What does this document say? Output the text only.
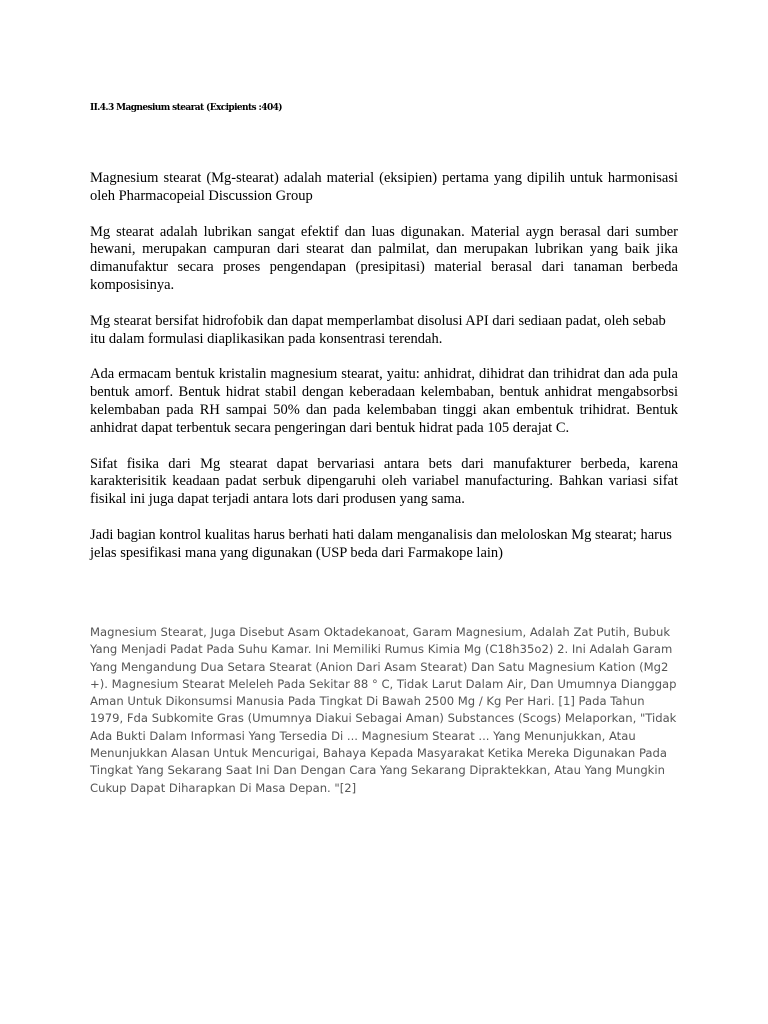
II.4.3 Magnesium stearat (Excipients :404)

Magnesium stearat (Mg-stearat) adalah material (eksipien) pertama yang dipilih untuk harmonisasi oleh Pharmacopeial Discussion Group

Mg stearat adalah lubrikan sangat efektif dan luas digunakan. Material aygn berasal dari sumber hewani, merupakan campuran dari stearat dan palmilat, dan merupakan lubrikan yang baik jika dimanufaktur secara proses pengendapan (presipitasi) material berasal dari tanaman berbeda komposisinya.

Mg stearat bersifat hidrofobik dan dapat memperlambat disolusi API dari sediaan padat, oleh sebab itu dalam formulasi diaplikasikan pada konsentrasi terendah.

Ada ermacam bentuk kristalin magnesium stearat, yaitu: anhidrat, dihidrat dan trihidrat dan ada pula bentuk amorf. Bentuk hidrat stabil dengan keberadaan kelembaban, bentuk anhidrat mengabsorbsi kelembaban pada RH sampai 50% dan pada kelembaban tinggi akan embentuk trihidrat. Bentuk anhidrat dapat terbentuk secara pengeringan dari bentuk hidrat pada 105 derajat C.

Sifat fisika dari Mg stearat dapat bervariasi antara bets dari manufakturer berbeda, karena karakterisitik keadaan padat serbuk dipengaruhi oleh variabel manufacturing. Bahkan variasi sifat fisikal ini juga dapat terjadi antara lots dari produsen yang sama.

Jadi bagian kontrol kualitas harus berhati hati dalam menganalisis dan meloloskan Mg stearat; harus jelas spesifikasi mana yang digunakan (USP beda dari Farmakope lain)

Magnesium Stearat, Juga Disebut Asam Oktadekanoat, Garam Magnesium, Adalah Zat Putih, Bubuk Yang Menjadi Padat Pada Suhu Kamar. Ini Memiliki Rumus Kimia Mg (C18h35o2) 2. Ini Adalah Garam Yang Mengandung Dua Setara Stearat (Anion Dari Asam Stearat) Dan Satu Magnesium Kation (Mg2 +). Magnesium Stearat Meleleh Pada Sekitar 88 ° C, Tidak Larut Dalam Air, Dan Umumnya Dianggap Aman Untuk Dikonsumsi Manusia Pada Tingkat Di Bawah 2500 Mg / Kg Per Hari. [1] Pada Tahun 1979, Fda Subkomite Gras (Umumnya Diakui Sebagai Aman) Substances (Scogs) Melaporkan, "Tidak Ada Bukti Dalam Informasi Yang Tersedia Di ... Magnesium Stearat ... Yang Menunjukkan, Atau Menunjukkan Alasan Untuk Mencurigai, Bahaya Kepada Masyarakat Ketika Mereka Digunakan Pada Tingkat Yang Sekarang Saat Ini Dan Dengan Cara Yang Sekarang Dipraktekkan, Atau Yang Mungkin Cukup Dapat Diharapkan Di Masa Depan. "[2]
